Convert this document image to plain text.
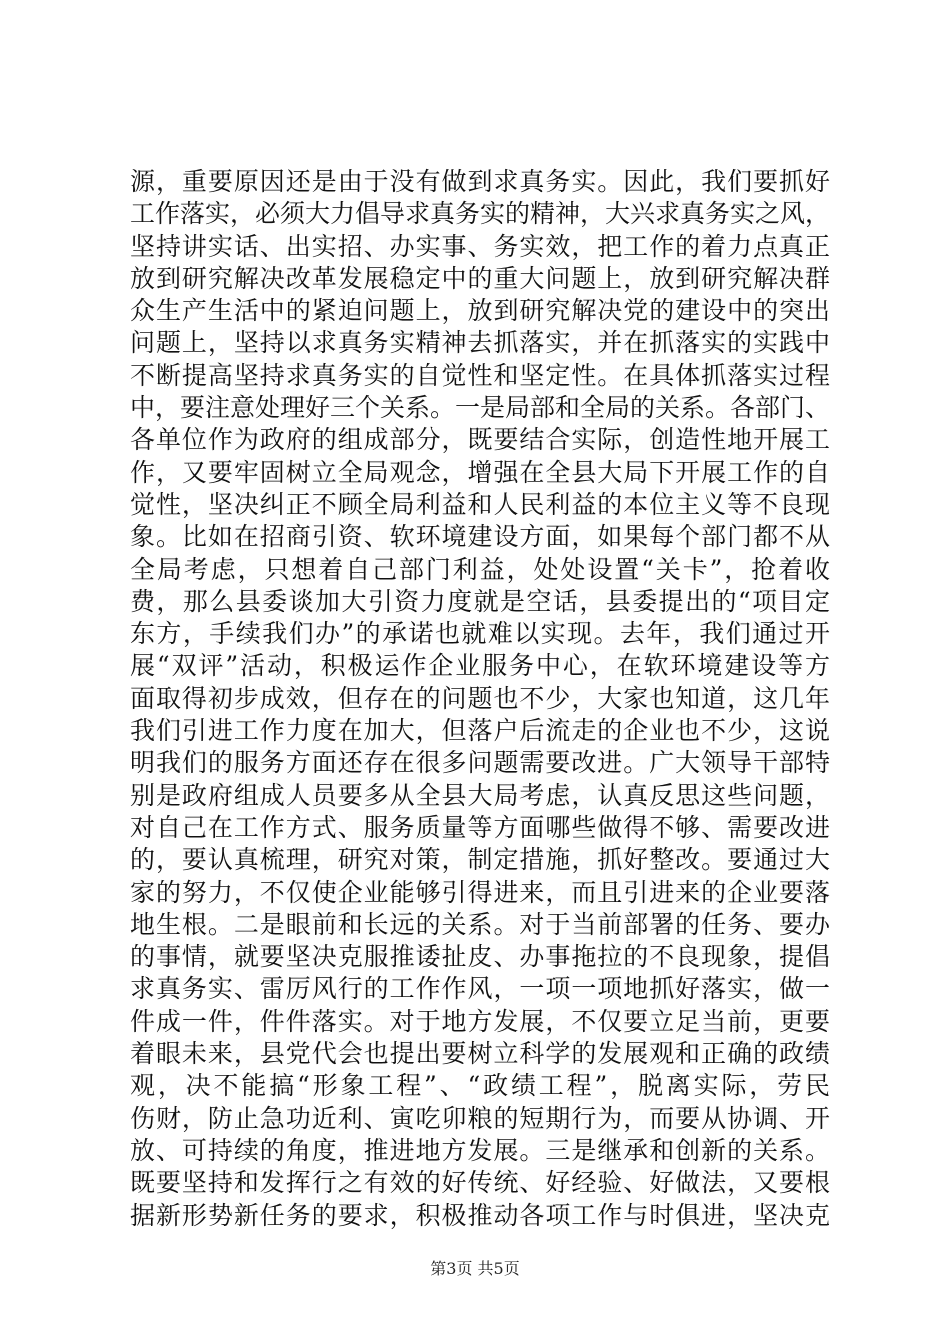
源，重要原因还是由于没有做到求真务实。因此，我们要抓好
工作落实，必须大力倡导求真务实的精神，大兴求真务实之风，
坚持讲实话、出实招、办实事、务实效，把工作的着力点真正
放到研究解决改革发展稳定中的重大问题上，放到研究解决群
众生产生活中的紧迫问题上，放到研究解决党的建设中的突出
问题上，坚持以求真务实精神去抓落实，并在抓落实的实践中
不断提高坚持求真务实的自觉性和坚定性。在具体抓落实过程
中，要注意处理好三个关系。一是局部和全局的关系。各部门、
各单位作为政府的组成部分，既要结合实际，创造性地开展工
作，又要牢固树立全局观念，增强在全县大局下开展工作的自
觉性，坚决纠正不顾全局利益和人民利益的本位主义等不良现
象。比如在招商引资、软环境建设方面，如果每个部门都不从
全局考虑，只想着自己部门利益，处处设置“关卡”，抢着收
费，那么县委谈加大引资力度就是空话，县委提出的“项目定
东方，手续我们办”的承诺也就难以实现。去年，我们通过开
展“双评”活动，积极运作企业服务中心，在软环境建设等方
面取得初步成效，但存在的问题也不少，大家也知道，这几年
我们引进工作力度在加大，但落户后流走的企业也不少，这说
明我们的服务方面还存在很多问题需要改进。广大领导干部特
别是政府组成人员要多从全县大局考虑，认真反思这些问题，
对自己在工作方式、服务质量等方面哪些做得不够、需要改进
的，要认真梳理，研究对策，制定措施，抓好整改。要通过大
家的努力，不仅使企业能够引得进来，而且引进来的企业要落
地生根。二是眼前和长远的关系。对于当前部署的任务、要办
的事情，就要坚决克服推诿扯皮、办事拖拉的不良现象，提倡
求真务实、雷厉风行的工作作风，一项一项地抓好落实，做一
件成一件，件件落实。对于地方发展，不仅要立足当前，更要
着眼未来，县党代会也提出要树立科学的发展观和正确的政绩
观，决不能搞“形象工程”、“政绩工程”，脱离实际，劳民
伤财，防止急功近利、寅吃卯粮的短期行为，而要从协调、开
放、可持续的角度，推进地方发展。三是继承和创新的关系。
既要坚持和发挥行之有效的好传统、好经验、好做法，又要根
据新形势新任务的要求，积极推动各项工作与时俱进，坚决克
第3页 共5页
